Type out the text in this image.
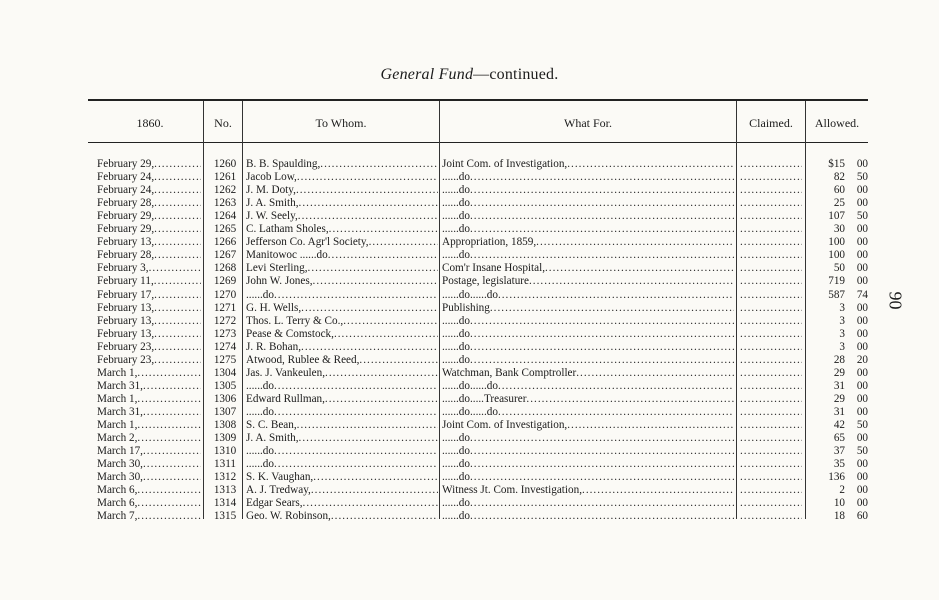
General Fund—continued.
90
1860.	No.	To Whom.	What For.	Claimed.	Allowed.
February 29, .....	1260 B. B. Spaulding, .....	Joint Com. of Investigation, ..... .....	$15 00
February 24, .....	1261 Jacob Low, .....	......do ..... .....	82 50
February 24, .....	1262 J. M. Doty, .....	......do ..... .....	60 00
February 28, .....	1263 J. A. Smith, .....	......do ..... .....	25 00
February 29, .....	1264 J. W. Seely, .....	......do ..... .....	107 50
February 29, .....	1265 C. Latham Sholes, .....	......do ..... .....	30 00
February 13, .....	1266 Jefferson Co. Agr'l Society, .....	Appropriation, 1859, ..... .....	100 00
February 28, .....	1267 Manitowoc ......do .....	......do ..... .....	100 00
February 3, .....	1268 Levi Sterling, .....	Com'r Insane Hospital, ..... .....	50 00
February 11, .....	1269 John W. Jones, .....	Postage, legislature ..... .....	719 00
February 17, .....	1270 ......do .....	......do......do ..... .....	587 74
February 13, .....	1271 G. H. Wells, .....	Publishing ..... .....	3 00
February 13, .....	1272 Thos. L. Terry & Co., .....	......do ..... .....	3 00
February 13, .....	1273 Pease & Comstock, .....	......do ..... .....	3 00
February 23, .....	1274 J. R. Bohan, .....	......do ..... .....	3 00
February 23, .....	1275 Atwood, Rublee & Reed, .....	......do ..... .....	28 20
March 1, .....	1304 Jas. J. Vankeulen, .....	Watchman, Bank Comptroller ..... .....	29 00
March 31, .....	1305 ......do .....	......do......do ..... .....	31 00
March 1, .....	1306 Edward Rullman, .....	......do.....Treasurer ..... .....	29 00
March 31, .....	1307 ......do .....	......do......do ..... .....	31 00
March 1, .....	1308 S. C. Bean, .....	Joint Com. of Investigation, ..... .....	42 50
March 2, .....	1309 J. A. Smith, .....	......do ..... .....	65 00
March 17, .....	1310 ......do .....	......do ..... .....	37 50
March 30, .....	1311 ......do .....	......do ..... .....	35 00
March 30, .....	1312 S. K. Vaughan, .....	......do ..... .....	136 00
March 6, .....	1313 A. J. Tredway, .....	Witness Jt. Com. Investigation, ..... .....	2 00
March 6, .....	1314 Edgar Sears, .....	......do ..... .....	10 00
March 7, .....	1315 Geo. W. Robinson, .....	......do ..... .....	18 60
